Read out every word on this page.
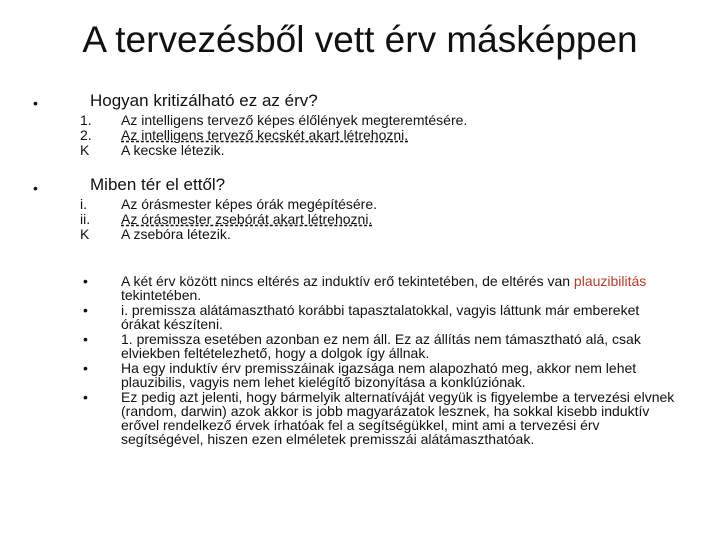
A tervezésből vett érv másképpen
•	Hogyan kritizálható ez az érv?
1.	Az intelligens tervező képes élőlények megteremtésére.
2.	Az intelligens tervező kecskét akart létrehozni.
K	A kecske létezik.
•	Miben tér el ettől?
i.	Az órásmester képes órák megépítésére.
ii.	Az órásmester zsebórát akart létrehozni.
K	A zsebóra létezik.
•	A két érv között nincs eltérés az induktív erő tekintetében, de eltérés van plauzibilitás tekintetében.
•	i. premissza alátámasztható korábbi tapasztalatokkal, vagyis láttunk már embereket órákat készíteni.
•	1. premissza esetében azonban ez nem áll. Ez az állítás nem támasztható alá, csak elviekben feltételezhető, hogy a dolgok így állnak.
•	Ha egy induktív érv premisszáinak igazsága nem alapozható meg, akkor nem lehet plauzibilis, vagyis nem lehet kielégítő bizonyítása a konklúziónak.
•	Ez pedig azt jelenti, hogy bármelyik alternatíváját vegyük is figyelembe a tervezési elvnek (random, darwin) azok akkor is jobb magyarázatok lesznek, ha sokkal kisebb induktív erővel rendelkező érvek írhatóak fel a segítségükkel, mint ami a tervezési érv segítségével, hiszen ezen elméletek premisszái alátámaszthatóak.
